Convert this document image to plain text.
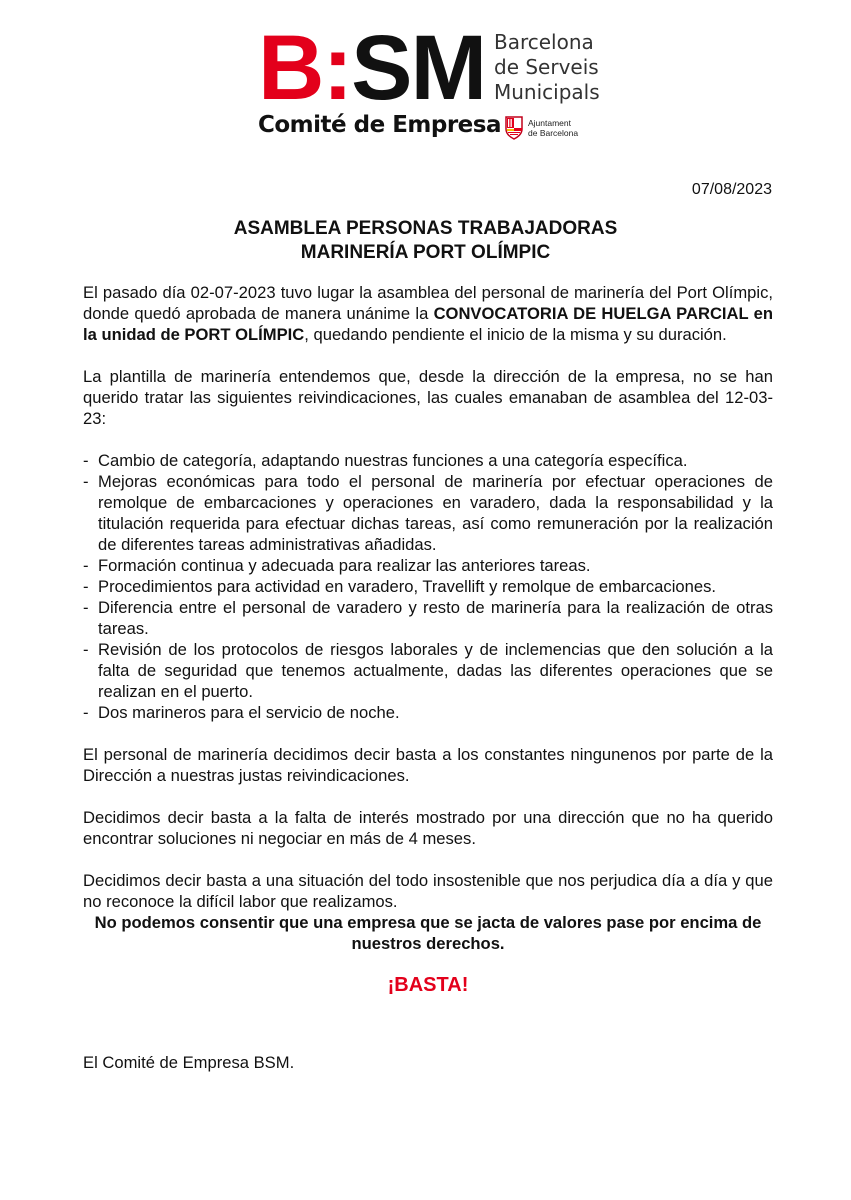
B:SM Barcelona
de Serveis
Municipals
Comité de Empresa	Ajuntament
de Barcelona
07/08/2023
ASAMBLEA PERSONAS TRABAJADORAS
MARINERÍA PORT OLÍMPIC

El pasado día 02-07-2023 tuvo lugar la asamblea del personal de marinería del Port Olímpic, donde quedó aprobada de manera unánime la CONVOCATORIA DE HUELGA PARCIAL en la unidad de PORT OLÍMPIC, quedando pendiente el inicio de la misma y su duración.

La plantilla de marinería entendemos que, desde la dirección de la empresa, no se han querido tratar las siguientes reivindicaciones, las cuales emanaban de asamblea del 12-03-23:

- Cambio de categoría, adaptando nuestras funciones a una categoría específica.
- Mejoras económicas para todo el personal de marinería por efectuar operaciones de remolque de embarcaciones y operaciones en varadero, dada la responsabilidad y la titulación requerida para efectuar dichas tareas, así como remuneración por la realización de diferentes tareas administrativas añadidas.
- Formación continua y adecuada para realizar las anteriores tareas.
- Procedimientos para actividad en varadero, Travellift y remolque de embarcaciones.
- Diferencia entre el personal de varadero y resto de marinería para la realización de otras tareas.
- Revisión de los protocolos de riesgos laborales y de inclemencias que den solución a la falta de seguridad que tenemos actualmente, dadas las diferentes operaciones que se realizan en el puerto.
- Dos marineros para el servicio de noche.

El personal de marinería decidimos decir basta a los constantes ningunenos por parte de la Dirección a nuestras justas reivindicaciones.

Decidimos decir basta a la falta de interés mostrado por una dirección que no ha querido encontrar soluciones ni negociar en más de 4 meses.

Decidimos decir basta a una situación del todo insostenible que nos perjudica día a día y que no reconoce la difícil labor que realizamos.

No podemos consentir que una empresa que se jacta de valores pase por encima de nuestros derechos.

¡BASTA!

El Comité de Empresa BSM.
